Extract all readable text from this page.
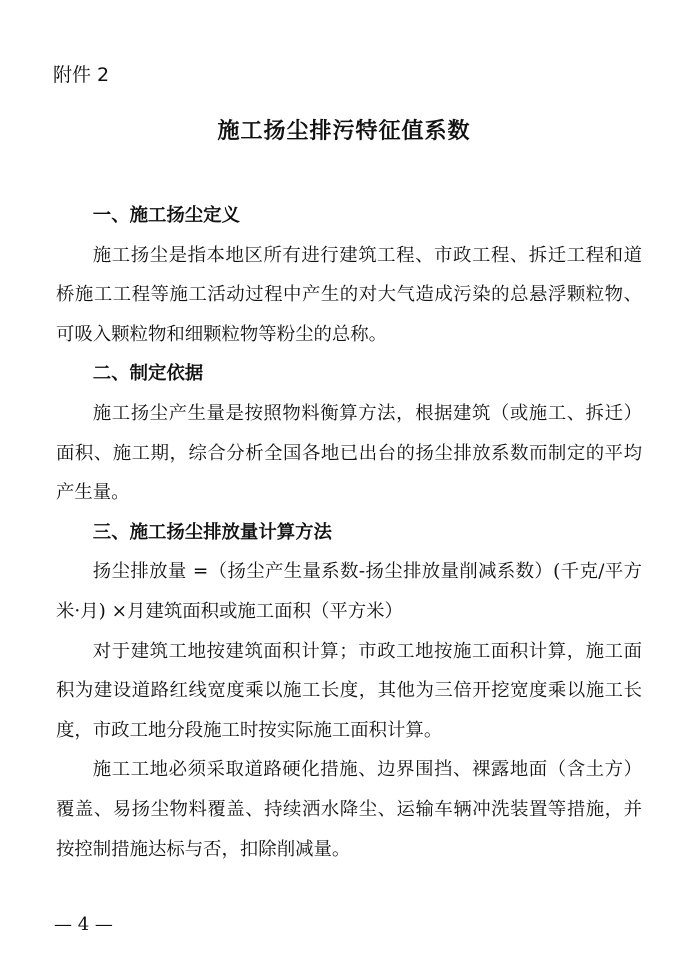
附件 2
施工扬尘排污特征值系数
一、施工扬尘定义

施工扬尘是指本地区所有进行建筑工程、市政工程、拆迁工程和道桥施工工程等施工活动过程中产生的对大气造成污染的总悬浮颗粒物、可吸入颗粒物和细颗粒物等粉尘的总称。

二、制定依据

施工扬尘产生量是按照物料衡算方法，根据建筑（或施工、拆迁）面积、施工期，综合分析全国各地已出台的扬尘排放系数而制定的平均产生量。

三、施工扬尘排放量计算方法

扬尘排放量 =（扬尘产生量系数-扬尘排放量削减系数）(千克/平方米·月) ×月建筑面积或施工面积（平方米）

对于建筑工地按建筑面积计算；市政工地按施工面积计算，施工面积为建设道路红线宽度乘以施工长度，其他为三倍开挖宽度乘以施工长度，市政工地分段施工时按实际施工面积计算。

施工工地必须采取道路硬化措施、边界围挡、裸露地面（含土方）覆盖、易扬尘物料覆盖、持续洒水降尘、运输车辆冲洗装置等措施，并按控制措施达标与否，扣除削减量。

— 4 —
